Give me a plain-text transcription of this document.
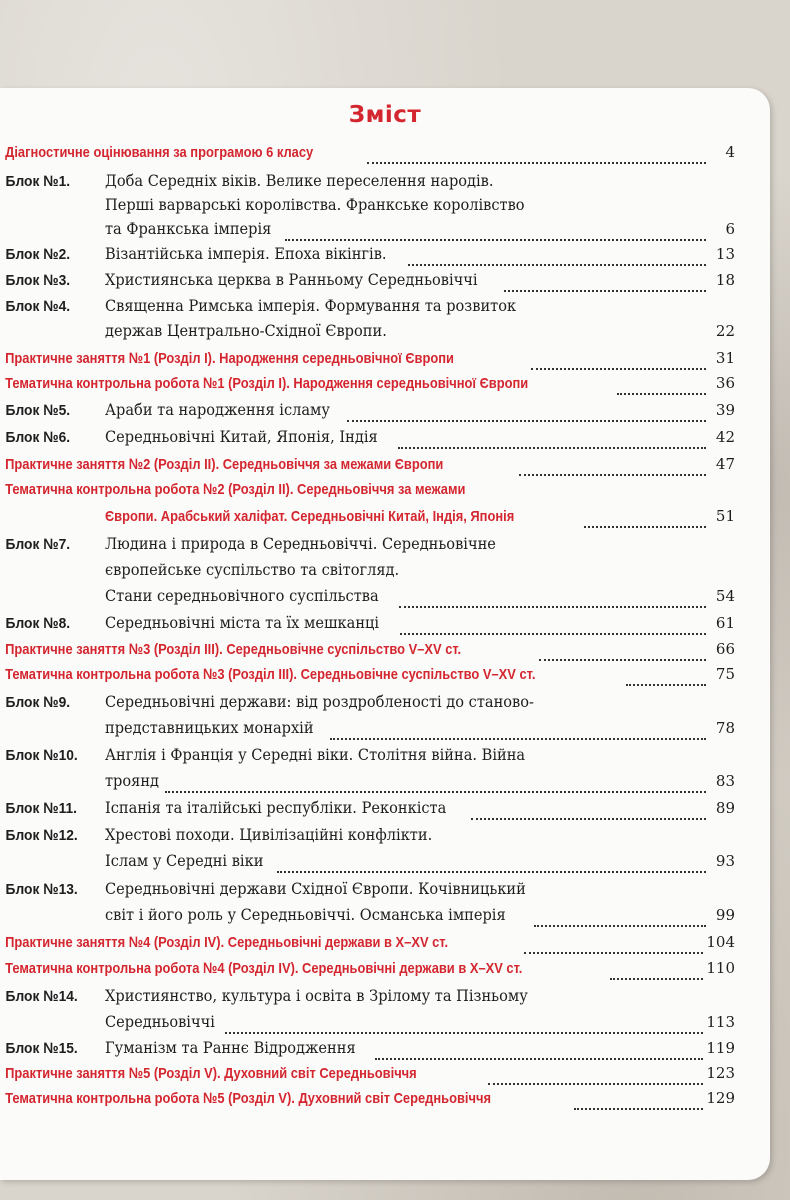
Зміст
Діагностичне оцінювання за програмою 6 класу	4
Блок №1.	Доба Середніх віків. Велике переселення народів.
Перші варварські королівства. Франкське королівство
та Франкська імперія	6
Блок №2.	Візантійська імперія. Епоха вікінгів.	13
Блок №3.	Християнська церква в Ранньому Середньовіччі	18
Блок №4.	Священна Римська імперія. Формування та розвиток
держав Центрально-Східної Європи.	22
Практичне заняття №1 (Розділ І). Народження середньовічної Європи	31
Тематична контрольна робота №1 (Розділ І). Народження середньовічної Європи	36
Блок №5.	Араби та народження ісламу	39
Блок №6.	Середньовічні Китай, Японія, Індія	42
Практичне заняття №2 (Розділ ІІ). Середньовіччя за межами Європи	47
Тематична контрольна робота №2 (Розділ ІІ). Середньовіччя за межами
Європи. Арабський халіфат. Середньовічні Китай, Індія, Японія	51
Блок №7.	Людина і природа в Середньовіччі. Середньовічне
європейське суспільство та світогляд.
Стани середньовічного суспільства	54
Блок №8.	Середньовічні міста та їх мешканці	61
Практичне заняття №3 (Розділ ІІІ). Середньовічне суспільство V–XV ст.	66
Тематична контрольна робота №3 (Розділ ІІІ). Середньовічне суспільство V–XV ст.	75
Блок №9.	Середньовічні держави: від роздробленості до станово-
представницьких монархій	78
Блок №10.	Англія і Франція у Середні віки. Столітня війна. Війна
троянд	83
Блок №11.	Іспанія та італійські республіки. Реконкіста	89
Блок №12.	Хрестові походи. Цивілізаційні конфлікти.
Іслам у Середні віки	93
Блок №13.	Середньовічні держави Східної Європи. Кочівницький
світ і його роль у Середньовіччі. Османська імперія	99
Практичне заняття №4 (Розділ IV). Середньовічні держави в X–XV ст.	104
Тематична контрольна робота №4 (Розділ IV). Середньовічні держави в X–XV ст.	110
Блок №14.	Християнство, культура і освіта в Зрілому та Пізньому
Середньовіччі	113
Блок №15.	Гуманізм та Раннє Відродження	119
Практичне заняття №5 (Розділ V). Духовний світ Середньовіччя	123
Тематична контрольна робота №5 (Розділ V). Духовний світ Середньовіччя	129
